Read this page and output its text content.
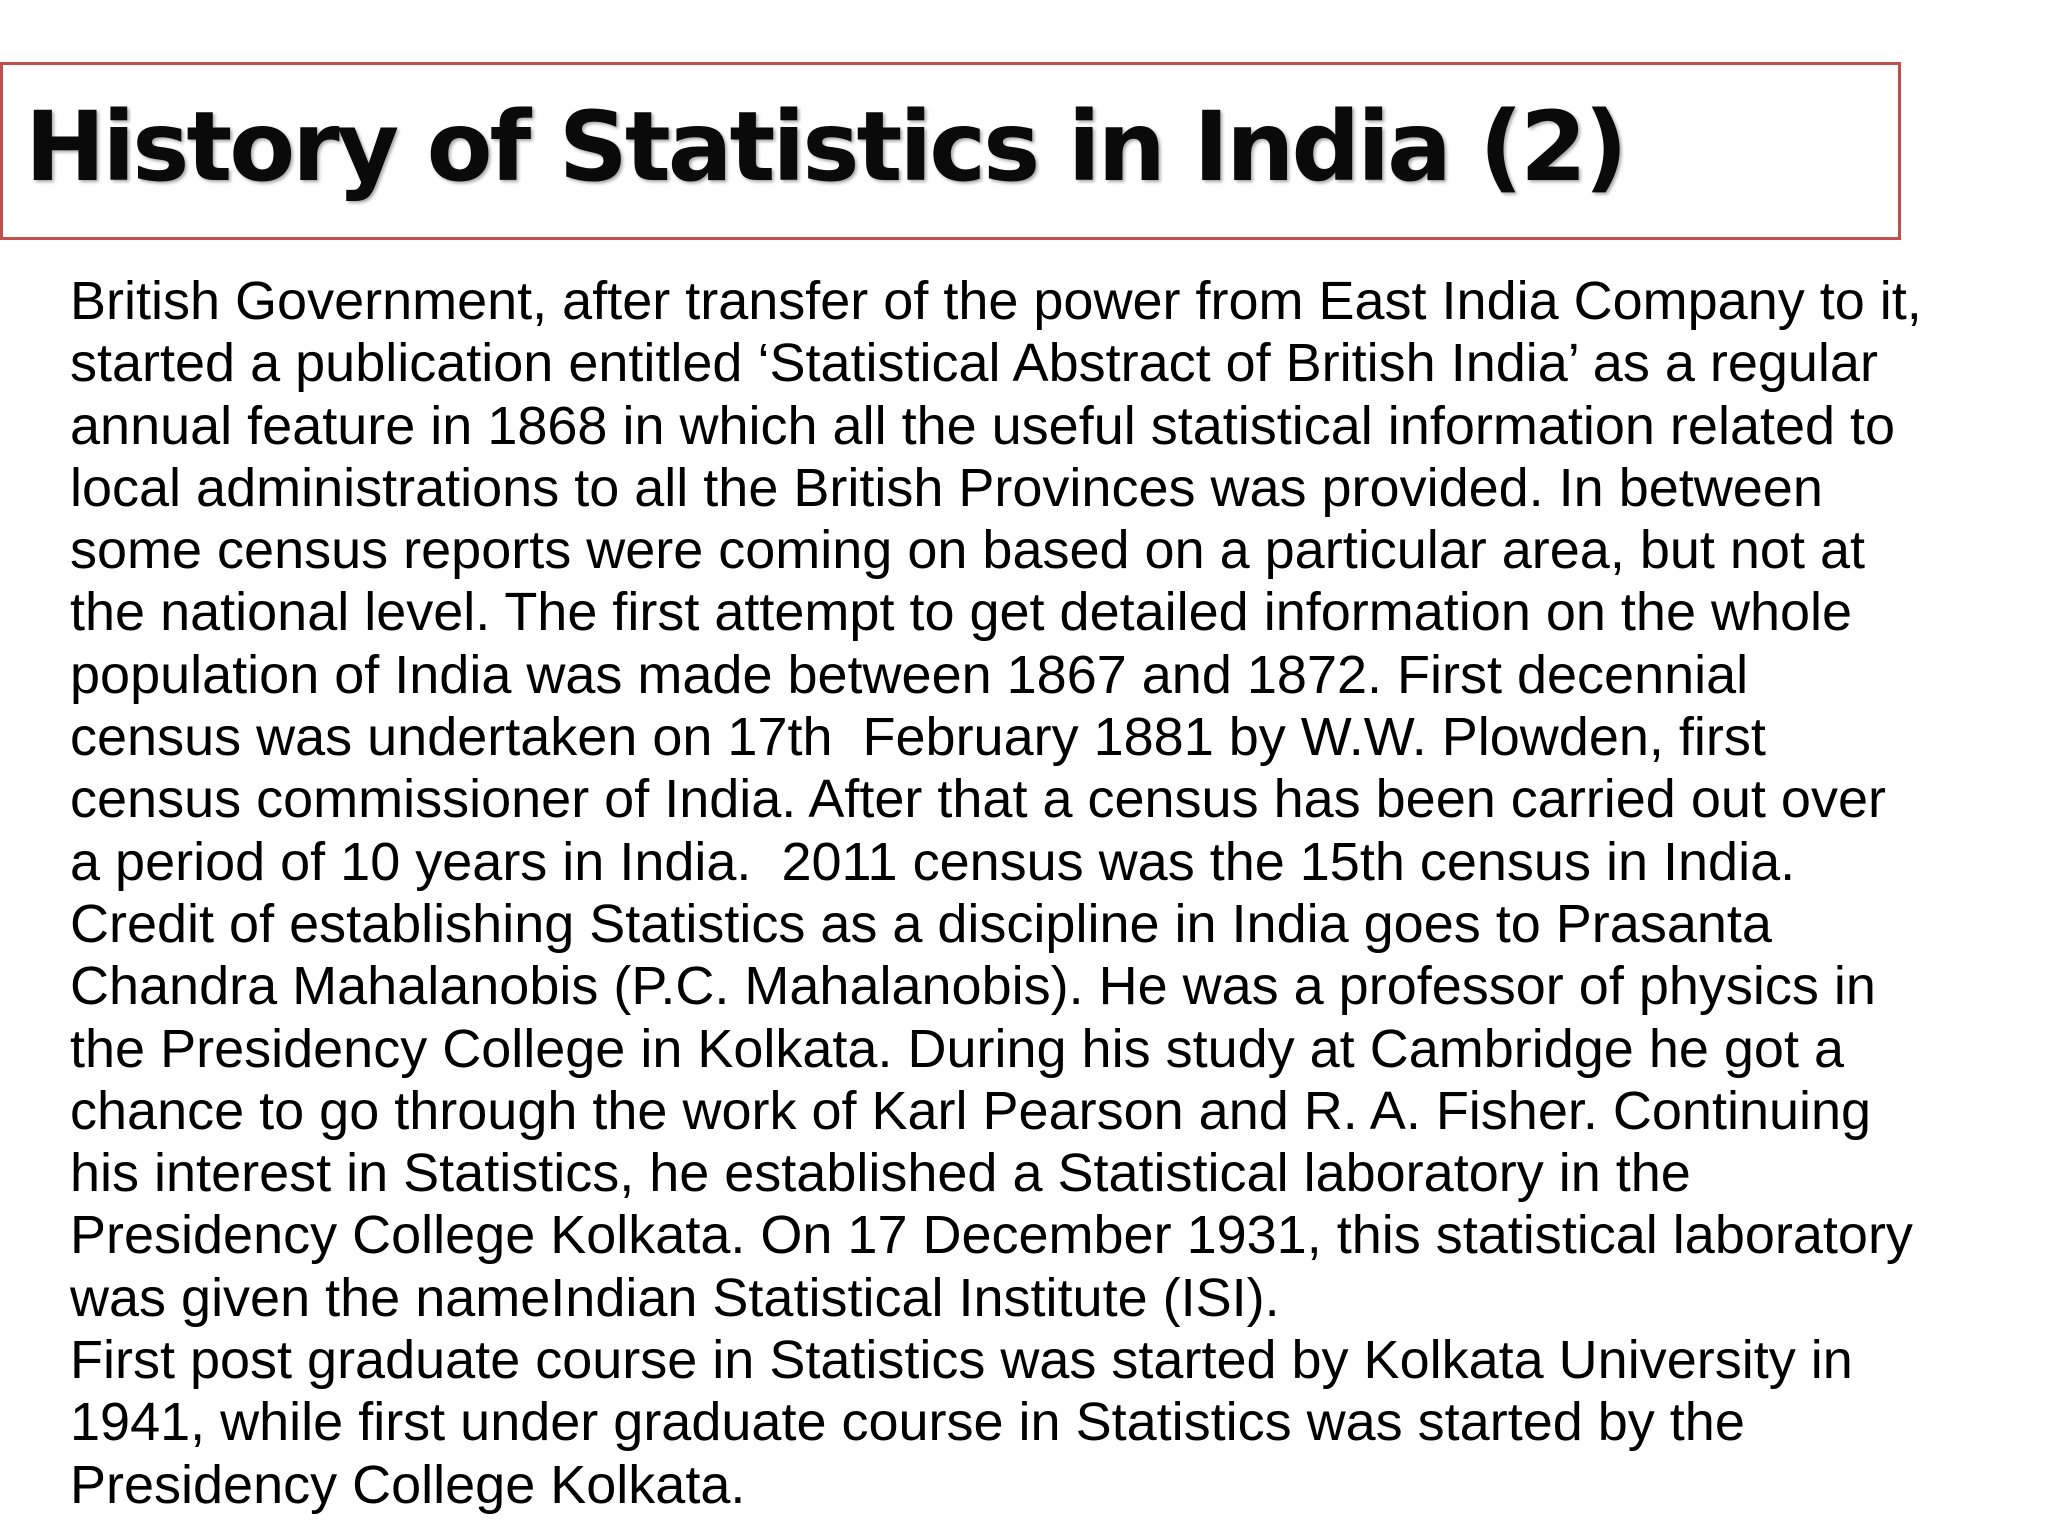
History of Statistics in India (2)
British Government, after transfer of the power from East India Company to it,
started a publication entitled ‘Statistical Abstract of British India’ as a regular
annual feature in 1868 in which all the useful statistical information related to
local administrations to all the British Provinces was provided. In between
some census reports were coming on based on a particular area, but not at
the national level. The first attempt to get detailed information on the whole
population of India was made between 1867 and 1872. First decennial
census was undertaken on 17th  February 1881 by W.W. Plowden, first
census commissioner of India. After that a census has been carried out over
a period of 10 years in India.  2011 census was the 15th census in India.
Credit of establishing Statistics as a discipline in India goes to Prasanta
Chandra Mahalanobis (P.C. Mahalanobis). He was a professor of physics in
the Presidency College in Kolkata. During his study at Cambridge he got a
chance to go through the work of Karl Pearson and R. A. Fisher. Continuing
his interest in Statistics, he established a Statistical laboratory in the
Presidency College Kolkata. On 17 December 1931, this statistical laboratory
was given the nameIndian Statistical Institute (ISI).
First post graduate course in Statistics was started by Kolkata University in
1941, while first under graduate course in Statistics was started by the
Presidency College Kolkata.
